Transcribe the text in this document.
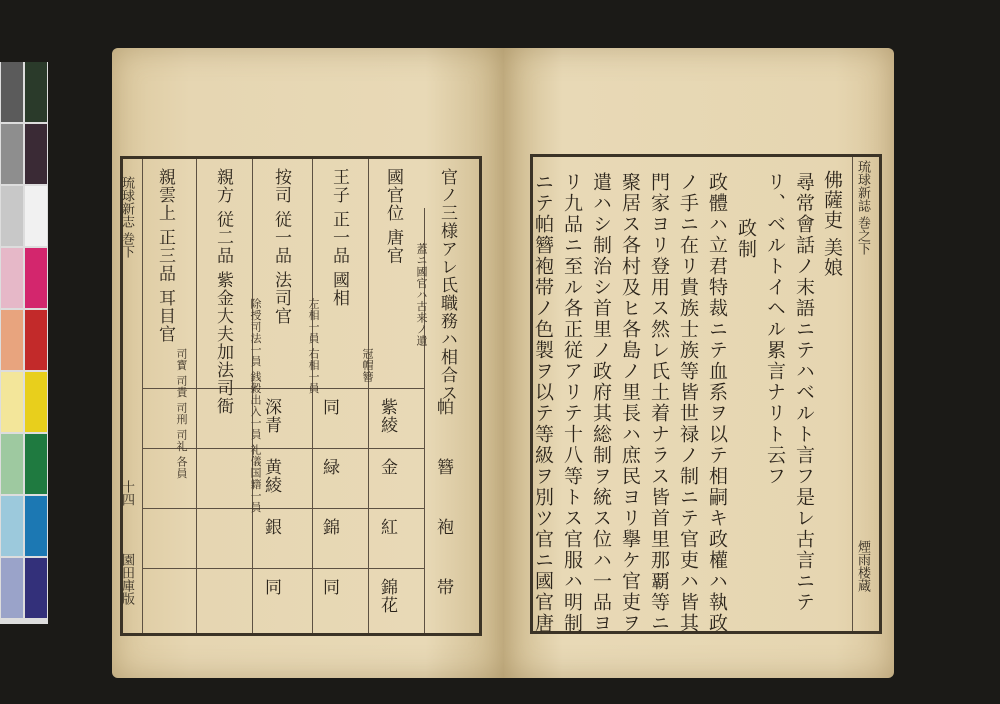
琉球新志 巻下
十四
園田庫版
官ノ三様アレ氏職務ハ相合ス
國官位 唐官
王子 正一品 國相
按司 従一品 法司官
親方 従二品 紫金大夫加法司衙
親雲上 正三品 耳目官	蓋ニ國官ハ古来ノ遺
冠帽簪
左相一員 右相一員
除授司法一員 銭穀出入一員 礼儀国籍一員
司寳 司貴 司刑 司礼 各員	帕
簪
袍
帯
紫綾
金
紅
錦花
同
緑
錦
同
深青
黄綾
銀
同
琉球新誌 巻之下
煙雨楼蔵
佛薩吏 美娘
尋常會話ノ末語ニテハベルト言フ是レ古言ニテ
リ、ベルトイヘル累言ナリト云フ
政制
政體ハ立君特裁ニテ血系ヲ以テ相嗣キ政權ハ執政
ノ手ニ在リ貴族士族等皆世禄ノ制ニテ官吏ハ皆其
門家ヨリ登用ス然レ氏土着ナラス皆首里那覇等ニ
聚居ス各村及ヒ各島ノ里長ハ庶民ヨリ擧ケ官吏ヲ
遣ハシ制治シ首里ノ政府其総制ヲ統ス位ハ一品ヨ
リ九品ニ至ル各正従アリテ十八等トス官服ハ明制
ニテ帕簪袍帯ノ色製ヲ以テ等級ヲ別ツ官ニ國官唐
